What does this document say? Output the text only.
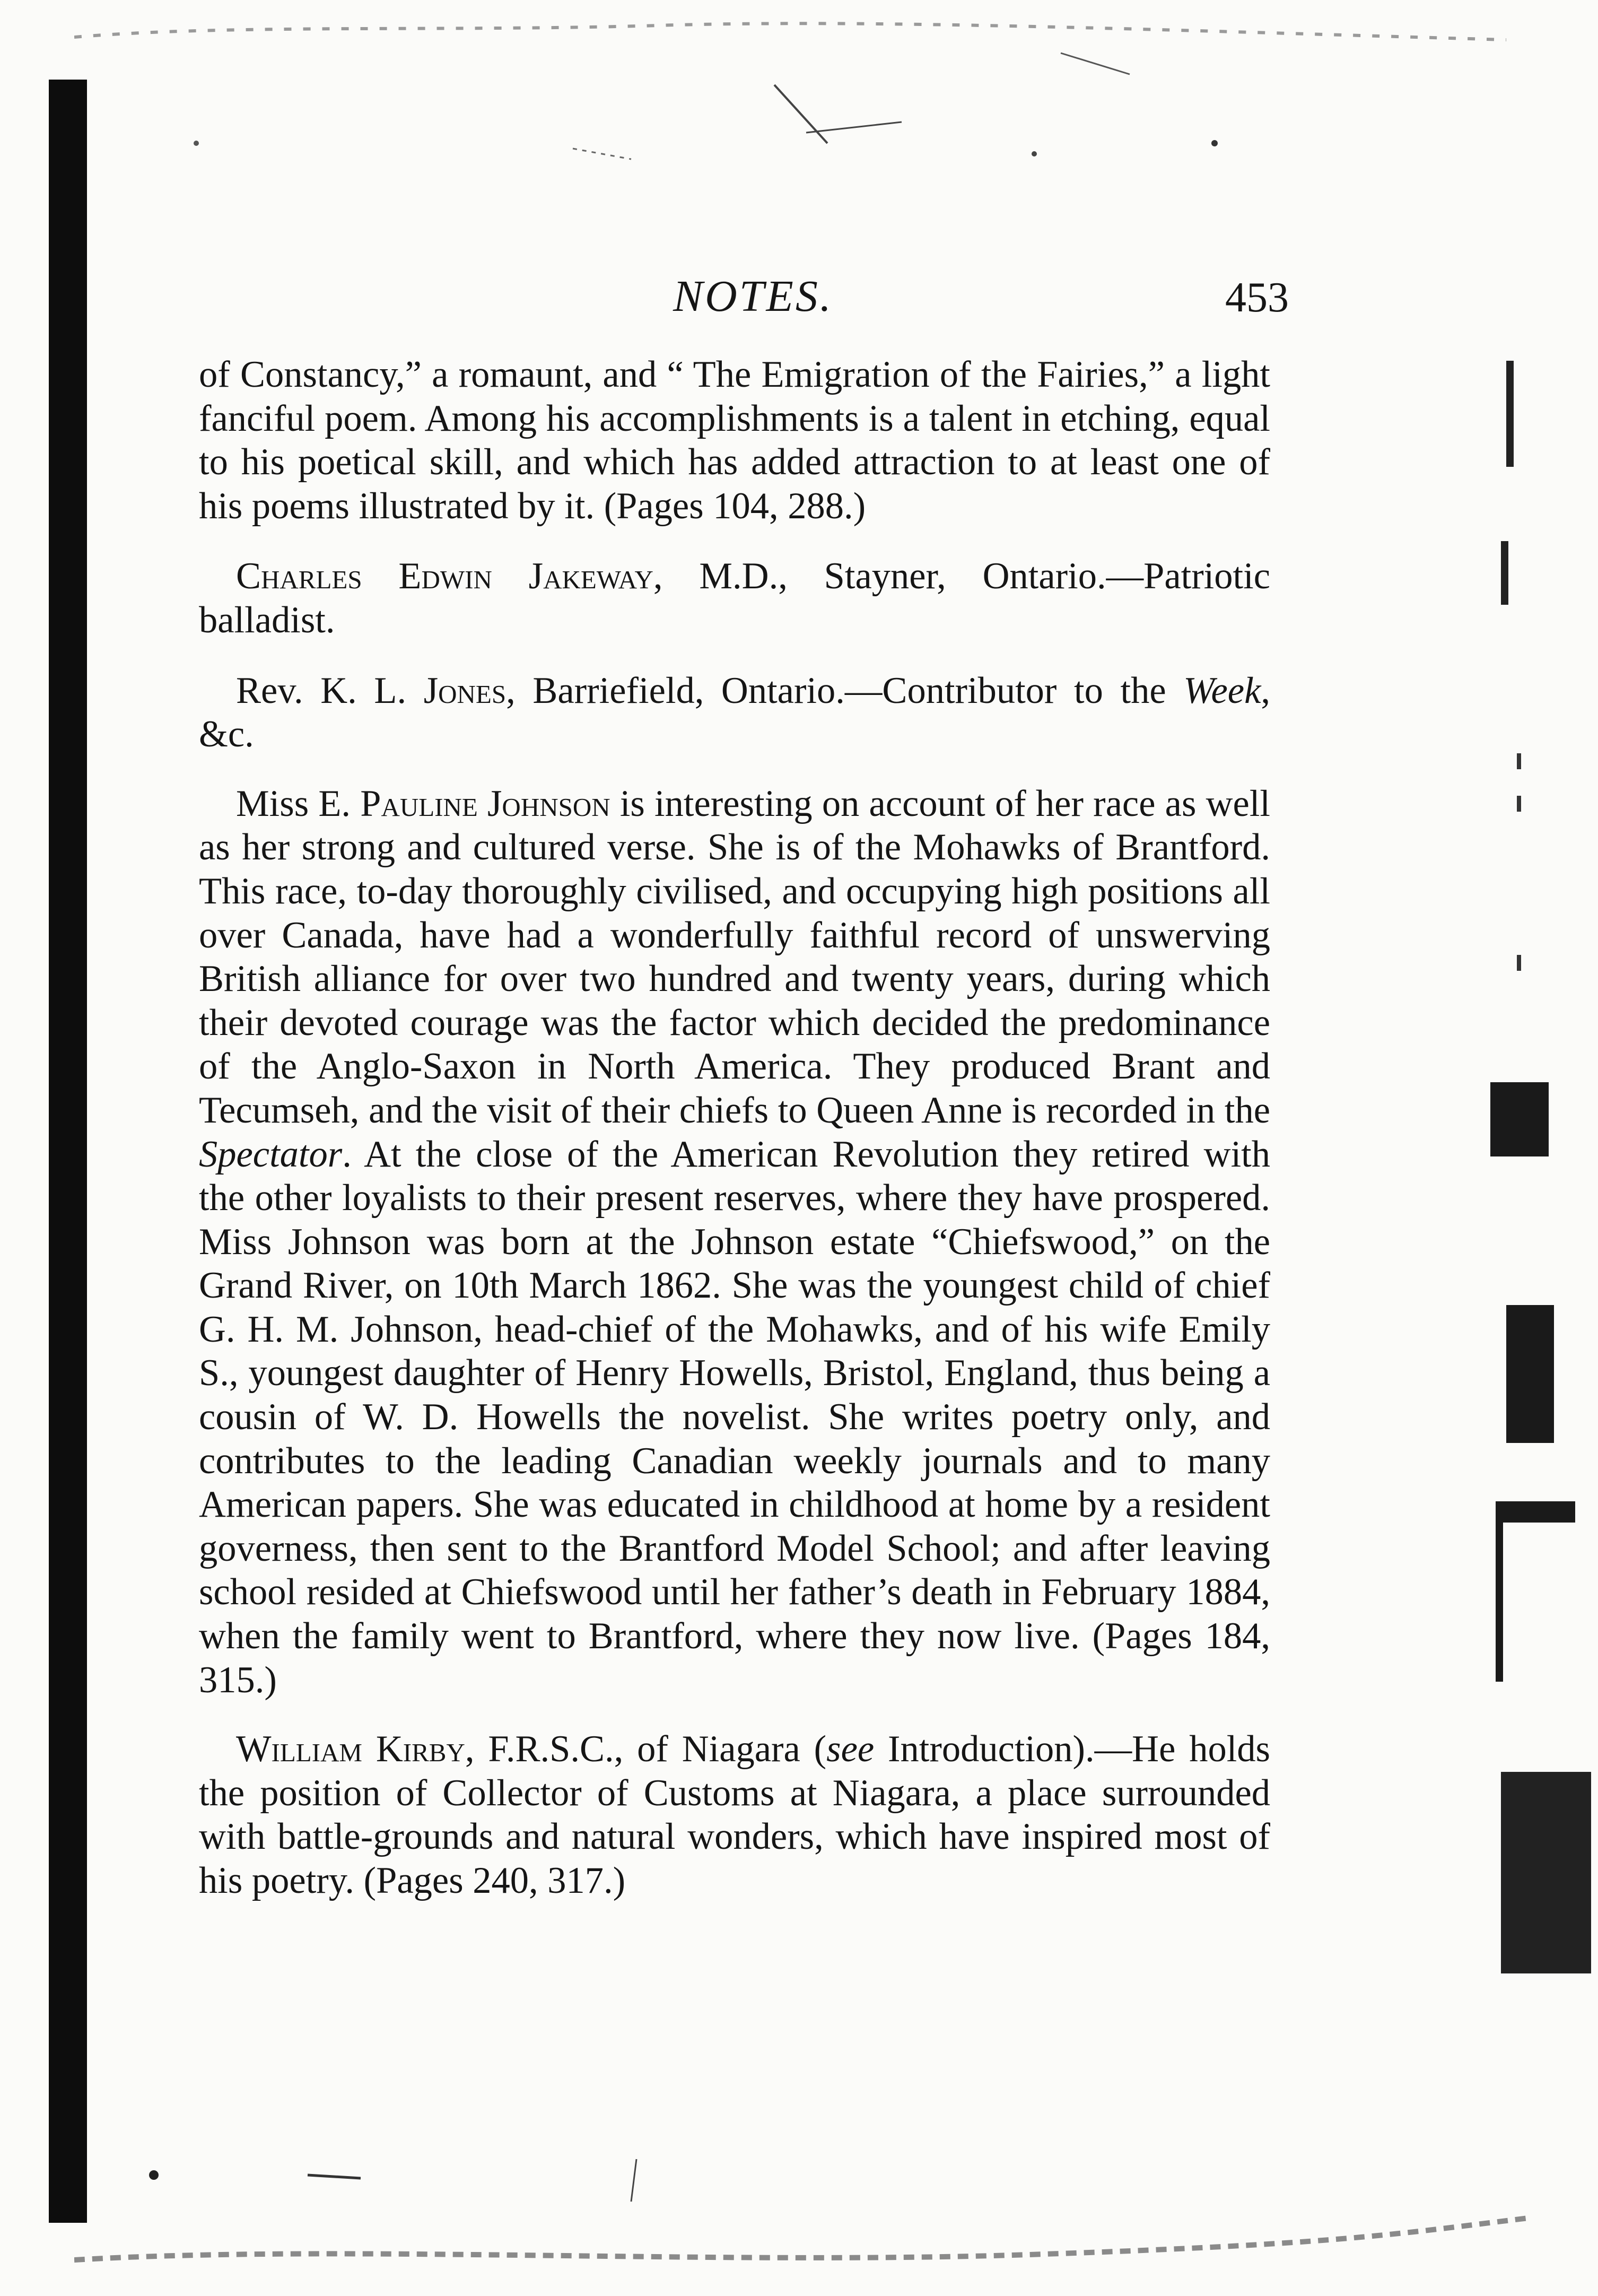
NOTES.	453

of Constancy,” a romaunt, and “ The Emigration of the Fairies,” a light fanciful poem. Among his accomplishments is a talent in etching, equal to his poetical skill, and which has added attraction to at least one of his poems illustrated by it. (Pages 104, 288.)

Charles Edwin Jakeway, M.D., Stayner, Ontario.—Patriotic balladist.

Rev. K. L. Jones, Barriefield, Ontario.—Contributor to the Week, &c.

Miss E. Pauline Johnson is interesting on account of her race as well as her strong and cultured verse. She is of the Mohawks of Brantford. This race, to-day thoroughly civilised, and occupying high positions all over Canada, have had a wonderfully faithful record of unswerving British alliance for over two hundred and twenty years, during which their devoted courage was the factor which decided the predominance of the Anglo-Saxon in North America. They produced Brant and Tecumseh, and the visit of their chiefs to Queen Anne is recorded in the Spectator. At the close of the American Revolution they retired with the other loyalists to their present reserves, where they have prospered. Miss Johnson was born at the Johnson estate “Chiefswood,” on the Grand River, on 10th March 1862. She was the youngest child of chief G. H. M. Johnson, head-chief of the Mohawks, and of his wife Emily S., youngest daughter of Henry Howells, Bristol, England, thus being a cousin of W. D. Howells the novelist. She writes poetry only, and contributes to the leading Canadian weekly journals and to many American papers. She was educated in childhood at home by a resident governess, then sent to the Brantford Model School; and after leaving school resided at Chiefswood until her father’s death in February 1884, when the family went to Brantford, where they now live. (Pages 184, 315.)

William Kirby, F.R.S.C., of Niagara (see Introduction).—He holds the position of Collector of Customs at Niagara, a place surrounded with battle-grounds and natural wonders, which have inspired most of his poetry. (Pages 240, 317.)
